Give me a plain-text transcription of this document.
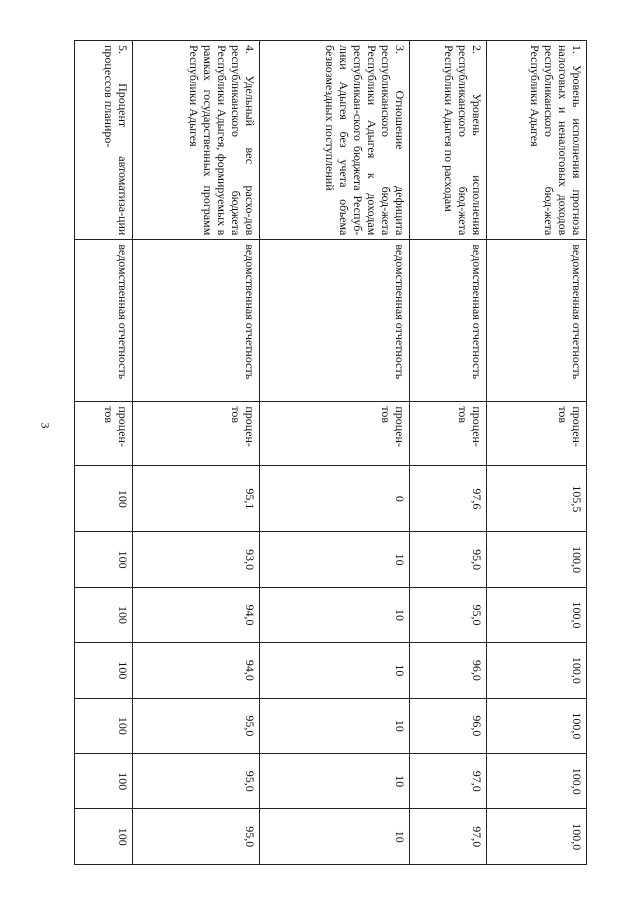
3
1. Уровень исполнения прогноза налоговых и неналоговых доходов республиканского бюд-жета Республики Адыгея	ведомственная отчетность	процен-тов	105,5	100,0	100,0	100,0	100,0	100,0	100,0
2. Уровень исполнения республиканского бюд-жета Республики Адыгея по расходам	ведомственная отчетность	процен-тов	97,6	95,0	95,0	96,0	96,0	97,0	97,0
3. Отношение дефицита республиканского бюд-жета Республики Адыгея к доходам республикан-ского бюджета Респуб-лики Адыгея без учета объема безвозмездных поступлений	ведомственная отчетность	процен-тов	0	10	10	10	10	10	10
4. Удельный вес расхо-дов республиканского бюджета Республики Адыгея, формируемых в рамках государственных программ Республики Адыгея	ведомственная отчетность	процен-тов	95,1	93,0	94,0	94,0	95,0	95,0	95,0
5. Процент автоматиза-ции процессов планиро-	ведомственная отчетность	процен-тов	100	100	100	100	100	100	100
